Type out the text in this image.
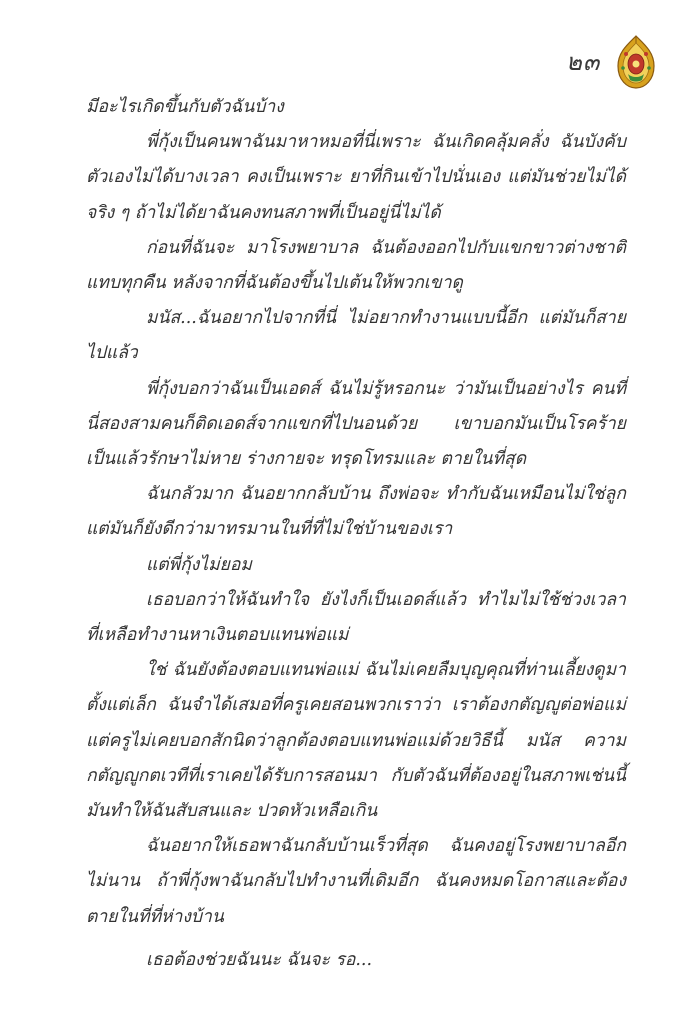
๒๓

มีอะไรเกิดขึ้นกับตัวฉันบ้าง

พี่กุ้งเป็นคนพาฉันมาหาหมอที่นี่เพราะ ฉันเกิดคลุ้มคลั่ง ฉันบังคับตัวเองไม่ได้บางเวลา คงเป็นเพราะ ยาที่กินเข้าไปนั่นเอง แต่มันช่วยไม่ได้จริง ๆ ถ้าไม่ได้ยาฉันคงทนสภาพที่เป็นอยู่นี่ไม่ได้

ก่อนที่ฉันจะ มาโรงพยาบาล ฉันต้องออกไปกับแขกขาวต่างชาติแทบทุกคืน หลังจากที่ฉันต้องขึ้นไปเต้นให้พวกเขาดู

มนัส...ฉันอยากไปจากที่นี่ ไม่อยากทำงานแบบนี้อีก แต่มันก็สายไปแล้ว

พี่กุ้งบอกว่าฉันเป็นเอดส์ ฉันไม่รู้หรอกนะ ว่ามันเป็นอย่างไร คนที่นี่สองสามคนก็ติดเอดส์จากแขกที่ไปนอนด้วย เขาบอกมันเป็นโรคร้าย เป็นแล้วรักษาไม่หาย ร่างกายจะ ทรุดโทรมและ ตายในที่สุด

ฉันกลัวมาก ฉันอยากกลับบ้าน ถึงพ่อจะ ทำกับฉันเหมือนไม่ใช่ลูก แต่มันก็ยังดีกว่ามาทรมานในที่ที่ไม่ใช่บ้านของเรา

แต่พี่กุ้งไม่ยอม

เธอบอกว่าให้ฉันทำใจ ยังไงก็เป็นเอดส์แล้ว ทำไมไม่ใช้ช่วงเวลาที่เหลือทำงานหาเงินตอบแทนพ่อแม่

ใช่ ฉันยังต้องตอบแทนพ่อแม่ ฉันไม่เคยลืมบุญคุณที่ท่านเลี้ยงดูมาตั้งแต่เล็ก ฉันจำได้เสมอที่ครูเคยสอนพวกเราว่า เราต้องกตัญญูต่อพ่อแม่ แต่ครูไม่เคยบอกสักนิดว่าลูกต้องตอบแทนพ่อแม่ด้วยวิธีนี้ มนัส ความกตัญญูกตเวทีที่เราเคยได้รับการสอนมา กับตัวฉันที่ต้องอยู่ในสภาพเช่นนี้ มันทำให้ฉันสับสนและ ปวดหัวเหลือเกิน

ฉันอยากให้เธอพาฉันกลับบ้านเร็วที่สุด ฉันคงอยู่โรงพยาบาลอีกไม่นาน ถ้าพี่กุ้งพาฉันกลับไปทำงานที่เดิมอีก ฉันคงหมดโอกาสและต้องตายในที่ที่ห่างบ้าน

เธอต้องช่วยฉันนะ ฉันจะ รอ...
